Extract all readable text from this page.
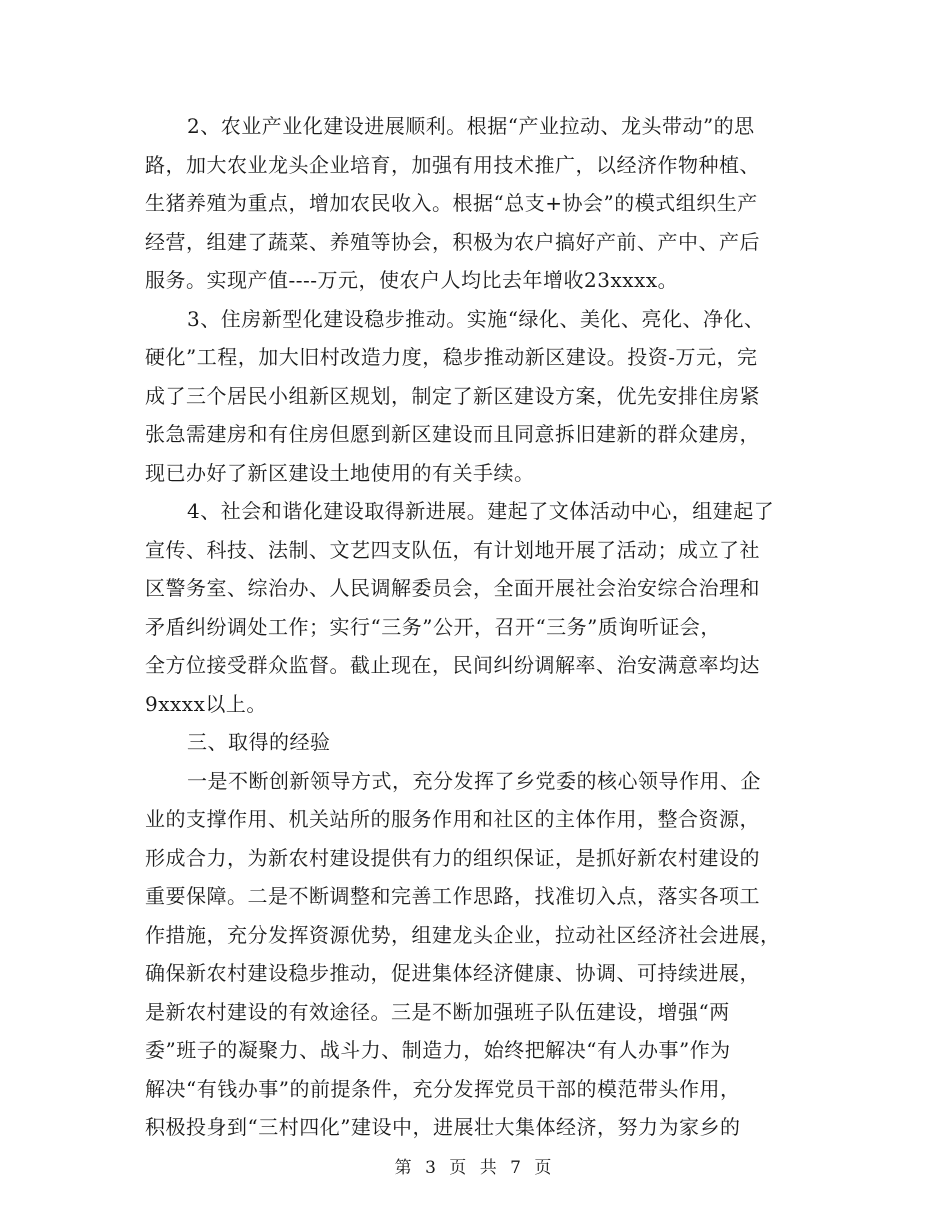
2、农业产业化建设进展顺利。根据“产业拉动、龙头带动”的思
路，加大农业龙头企业培育，加强有用技术推广，以经济作物种植、
生猪养殖为重点，增加农民收入。根据“总支+协会”的模式组织生产
经营，组建了蔬菜、养殖等协会，积极为农户搞好产前、产中、产后
服务。实现产值----万元，使农户人均比去年增收23xxxx。
3、住房新型化建设稳步推动。实施“绿化、美化、亮化、净化、
硬化”工程，加大旧村改造力度，稳步推动新区建设。投资-万元，完
成了三个居民小组新区规划，制定了新区建设方案，优先安排住房紧
张急需建房和有住房但愿到新区建设而且同意拆旧建新的群众建房，
现已办好了新区建设土地使用的有关手续。
4、社会和谐化建设取得新进展。建起了文体活动中心，组建起了
宣传、科技、法制、文艺四支队伍，有计划地开展了活动；成立了社
区警务室、综治办、人民调解委员会，全面开展社会治安综合治理和
矛盾纠纷调处工作；实行“三务”公开，召开“三务”质询听证会，
全方位接受群众监督。截止现在，民间纠纷调解率、治安满意率均达
9xxxx以上。
三、取得的经验
一是不断创新领导方式，充分发挥了乡党委的核心领导作用、企
业的支撑作用、机关站所的服务作用和社区的主体作用，整合资源，
形成合力，为新农村建设提供有力的组织保证，是抓好新农村建设的
重要保障。二是不断调整和完善工作思路，找准切入点，落实各项工
作措施，充分发挥资源优势，组建龙头企业，拉动社区经济社会进展，
确保新农村建设稳步推动，促进集体经济健康、协调、可持续进展，
是新农村建设的有效途径。三是不断加强班子队伍建设，增强“两
委”班子的凝聚力、战斗力、制造力，始终把解决“有人办事”作为
解决“有钱办事”的前提条件，充分发挥党员干部的模范带头作用，
积极投身到“三村四化”建设中，进展壮大集体经济，努力为家乡的
第 3 页 共 7 页
